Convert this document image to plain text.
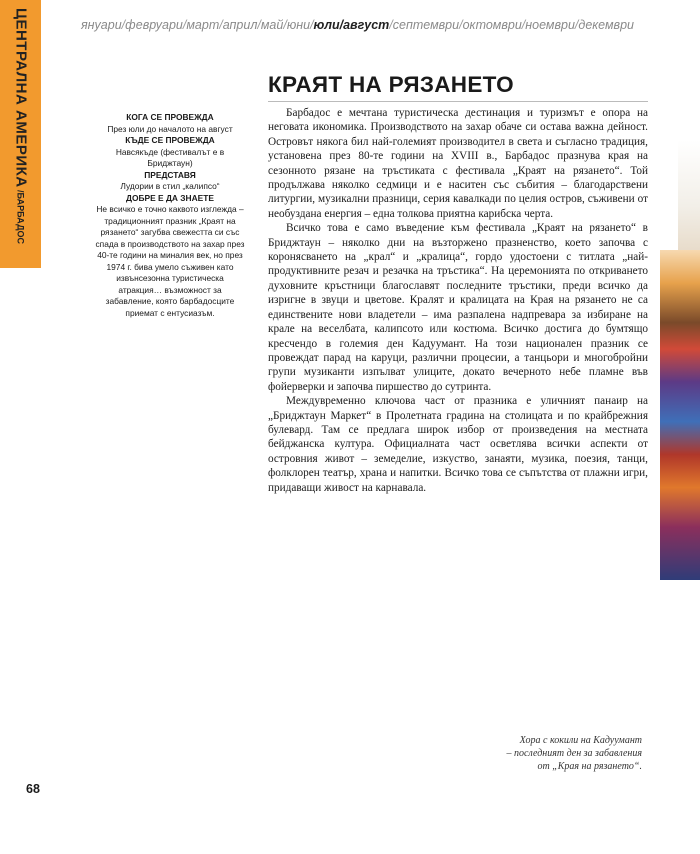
ЦЕНТРАЛНА АМЕРИКА/БАРБАДОС
януари/февруари/март/април/май/юни/юли/август/септември/октомври/ноември/декември
КОГА СЕ ПРОВЕЖДА
През юли до началото на август
КЪДЕ СЕ ПРОВЕЖДА
Навсякъде (фестивалът е в Бриджтаун)
ПРЕДСТАВЯ
Лудории в стил „калипсо“
ДОБРЕ Е ДА ЗНАЕТЕ
Не всичко е точно каквото изглежда – традиционният празник „Краят на рязането“ загубва свежестта си със спада в производството на захар през 40-те години на миналия век, но през 1974 г. бива умело съживен като извънсезонна туристическа атракция… възможност за забавление, която барбадосците приемат с ентусиазъм.
КРАЯТ НА РЯЗАНЕТО

Барбадос е мечтана туристическа дестинация и туризмът е опора на неговата икономика. Производството на захар обаче си остава важна дейност. Островът някога бил най-големият производител в света и съгласно традиция, установена през 80-те години на XVIII в., Барбадос празнува края на сезонното рязане на тръстиката с фестивала „Краят на рязането“. Той продължава няколко седмици и е наситен със събития – благодарствени литургии, музикални празници, серия кавалкади по целия остров, съживени от необуздана енергия – една толкова приятна карибска черта.

Всичко това е само въведение към фестивала „Краят на рязането“ в Бриджтаун – няколко дни на възторжено празненство, което започва с коронясването на „крал“ и „кралица“, гордо удостоени с титлата „най-продуктивните резач и резачка на тръстика“. На церемонията по откриването духовните кръстници благославят последните тръстики, преди всичко да изригне в звуци и цветове. Кралят и кралицата на Края на рязането не са единствените нови владетели – има разпалена надпревара за избиране на крале на веселбата, калипсото или костюма. Всичко достига до бумтящо кресчендо в големия ден Кадуумант. На този национален празник се провеждат парад на каруци, различни процесии, а танцьори и многобройни групи музиканти изпълват улиците, докато вечерното небе пламне във фойерверки и започва пиршество до сутринта.

Междувременно ключова част от празника е уличният панаир на „Бриджтаун Маркет“ в Пролетната градина на столицата и по крайбрежния булевард. Там се предлага широк избор от произведения на местната бейджанска култура. Официалната част осветлява всички аспекти от островния живот – земеделие, изкуство, занаяти, музика, поезия, танци, фолклорен театър, храна и напитки. Всичко това се съпътства от плажни игри, придаващи живост на карнавала.

Хора с кокили на Кадуумант
– последният ден за забавления
от „Края на рязането“.
68
